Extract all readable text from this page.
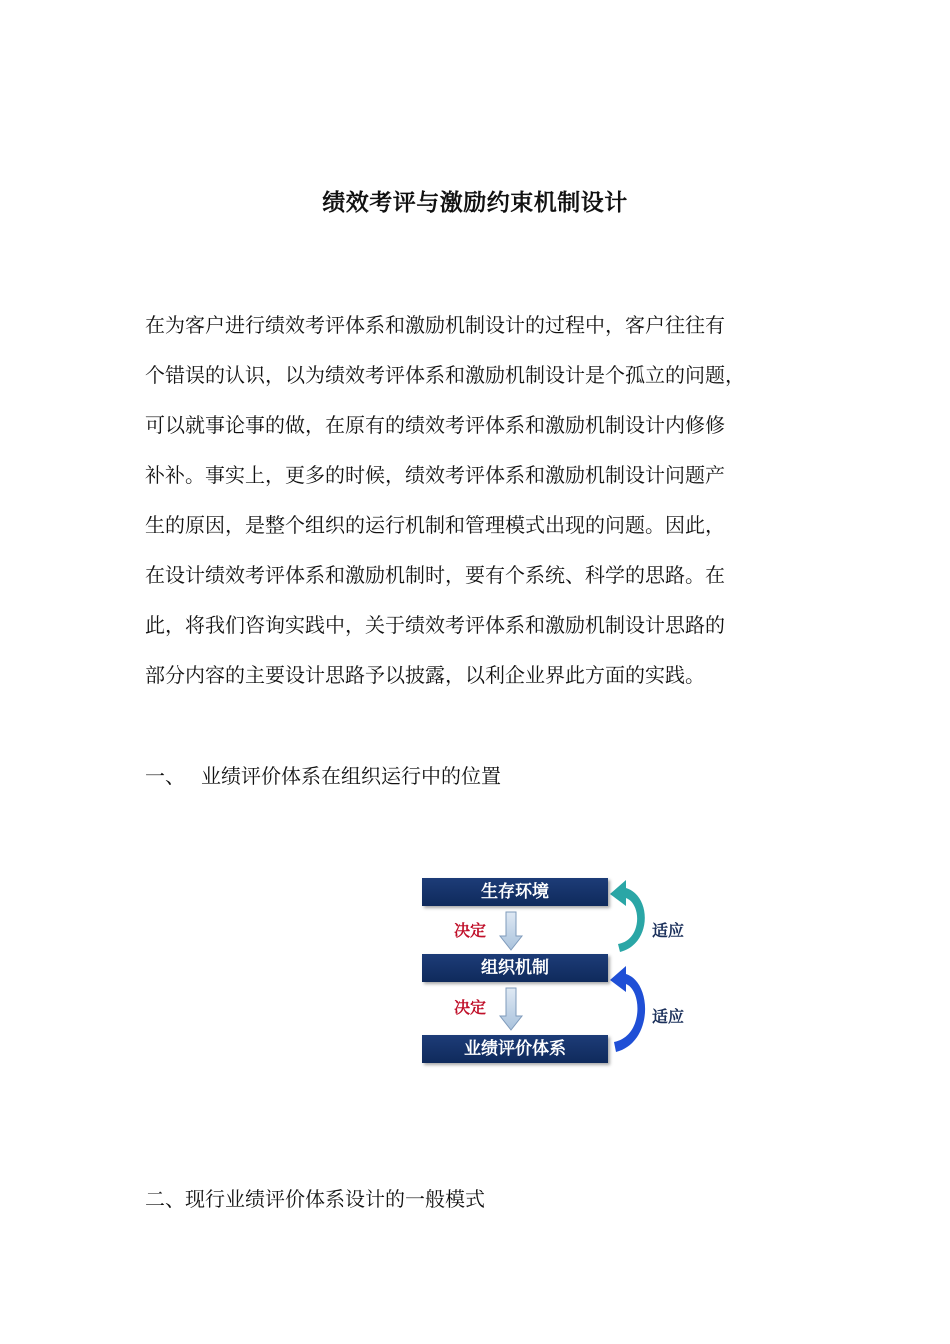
绩效考评与激励约束机制设计
在为客户进行绩效考评体系和激励机制设计的过程中，客户往往有
个错误的认识，以为绩效考评体系和激励机制设计是个孤立的问题，
可以就事论事的做，在原有的绩效考评体系和激励机制设计内修修
补补。事实上，更多的时候，绩效考评体系和激励机制设计问题产
生的原因，是整个组织的运行机制和管理模式出现的问题。因此，
在设计绩效考评体系和激励机制时，要有个系统、科学的思路。在
此，将我们咨询实践中，关于绩效考评体系和激励机制设计思路的
部分内容的主要设计思路予以披露，以利企业界此方面的实践。
一、 业绩评价体系在组织运行中的位置
生存环境
决定	适应
组织机制
决定	适应
业绩评价体系
二、现行业绩评价体系设计的一般模式
